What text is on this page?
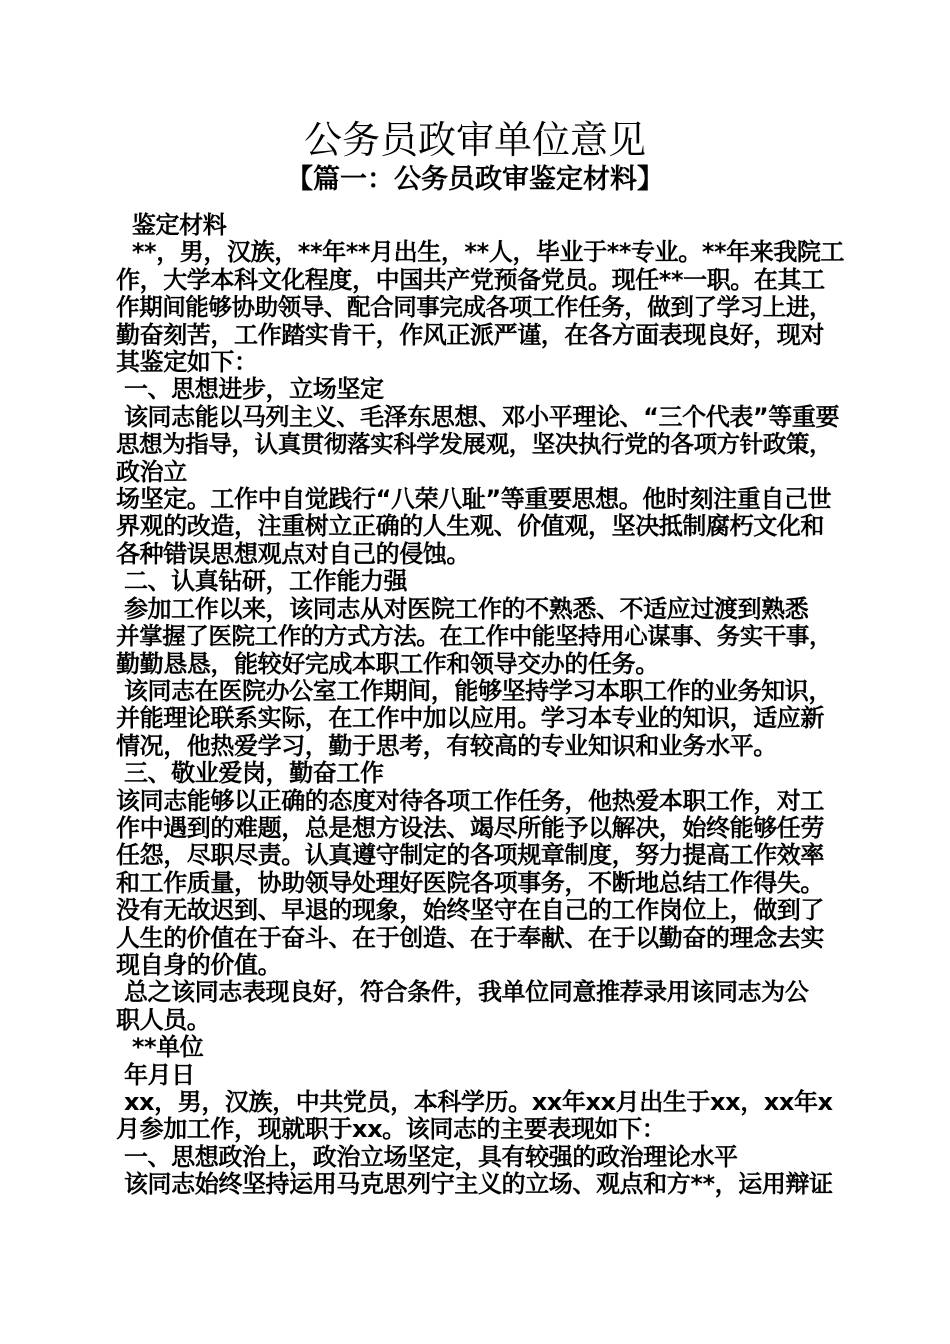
公务员政审单位意见
【篇一：公务员政审鉴定材料】
鉴定材料
**，男，汉族，**年**月出生，**人，毕业于**专业。**年来我院工
作，大学本科文化程度，中国共产党预备党员。现任**一职。在其工
作期间能够协助领导、配合同事完成各项工作任务，做到了学习上进，
勤奋刻苦，工作踏实肯干，作风正派严谨，在各方面表现良好，现对
其鉴定如下：
一、思想进步，立场坚定
该同志能以马列主义、毛泽东思想、邓小平理论、“三个代表”等重要
思想为指导，认真贯彻落实科学发展观，坚决执行党的各项方针政策，
政治立
场坚定。工作中自觉践行“八荣八耻”等重要思想。他时刻注重自己世
界观的改造，注重树立正确的人生观、价值观，坚决抵制腐朽文化和
各种错误思想观点对自己的侵蚀。
二、认真钻研，工作能力强
参加工作以来，该同志从对医院工作的不熟悉、不适应过渡到熟悉
并掌握了医院工作的方式方法。在工作中能坚持用心谋事、务实干事，
勤勤恳恳，能较好完成本职工作和领导交办的任务。
该同志在医院办公室工作期间，能够坚持学习本职工作的业务知识，
并能理论联系实际，在工作中加以应用。学习本专业的知识，适应新
情况，他热爱学习，勤于思考，有较高的专业知识和业务水平。
三、敬业爱岗，勤奋工作
该同志能够以正确的态度对待各项工作任务，他热爱本职工作，对工
作中遇到的难题，总是想方设法、竭尽所能予以解决，始终能够任劳
任怨，尽职尽责。认真遵守制定的各项规章制度，努力提高工作效率
和工作质量，协助领导处理好医院各项事务，不断地总结工作得失。
没有无故迟到、早退的现象，始终坚守在自己的工作岗位上，做到了
人生的价值在于奋斗、在于创造、在于奉献、在于以勤奋的理念去实
现自身的价值。
总之该同志表现良好，符合条件，我单位同意推荐录用该同志为公
职人员。
**单位
年月日
xx，男，汉族，中共党员，本科学历。xx年xx月出生于xx，xx年x
月参加工作，现就职于xx。该同志的主要表现如下：
一、思想政治上，政治立场坚定，具有较强的政治理论水平
该同志始终坚持运用马克思列宁主义的立场、观点和方**，运用辩证
